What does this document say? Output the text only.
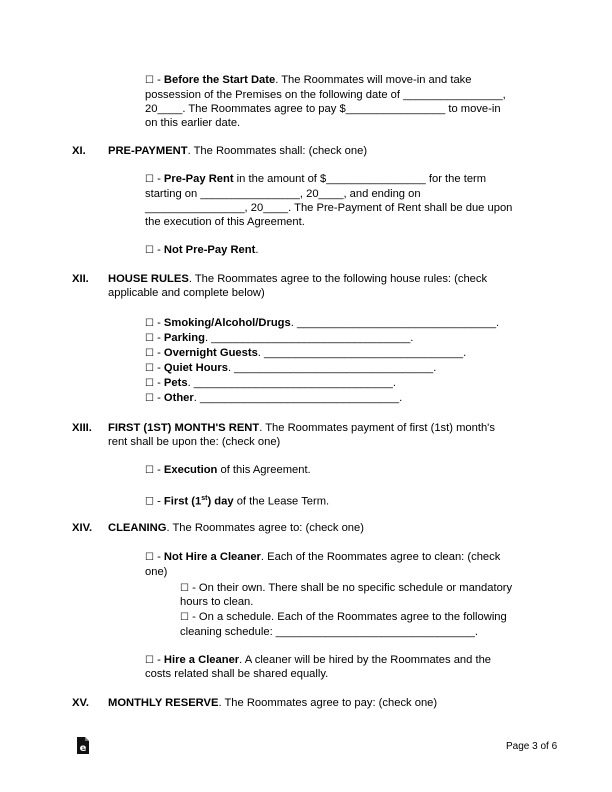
☐ - Before the Start Date. The Roommates will move-in and take
possession of the Premises on the following date of ________________,
20____. The Roommates agree to pay $________________ to move-in
on this earlier date.
XI. PRE-PAYMENT. The Roommates shall: (check one)
☐ - Pre-Pay Rent in the amount of $________________ for the term
starting on ________________, 20____, and ending on
________________, 20____. The Pre-Payment of Rent shall be due upon
the execution of this Agreement.
☐ - Not Pre-Pay Rent.
XII. HOUSE RULES. The Roommates agree to the following house rules: (check
applicable and complete below)
☐ - Smoking/Alcohol/Drugs. ________________________________.
☐ - Parking. ________________________________.
☐ - Overnight Guests. ________________________________.
☐ - Quiet Hours. ________________________________.
☐ - Pets. ________________________________.
☐ - Other. ________________________________.
XIII. FIRST (1ST) MONTH'S RENT. The Roommates payment of first (1st) month's
rent shall be upon the: (check one)
☐ - Execution of this Agreement.
☐ - First (1st) day of the Lease Term.
XIV. CLEANING. The Roommates agree to: (check one)
☐ - Not Hire a Cleaner. Each of the Roommates agree to clean: (check
one)
☐ - On their own. There shall be no specific schedule or mandatory
hours to clean.
☐ - On a schedule. Each of the Roommates agree to the following
cleaning schedule: ________________________________.
☐ - Hire a Cleaner. A cleaner will be hired by the Roommates and the
costs related shall be shared equally.
XV. MONTHLY RESERVE. The Roommates agree to pay: (check one)
e	Page 3 of 6
